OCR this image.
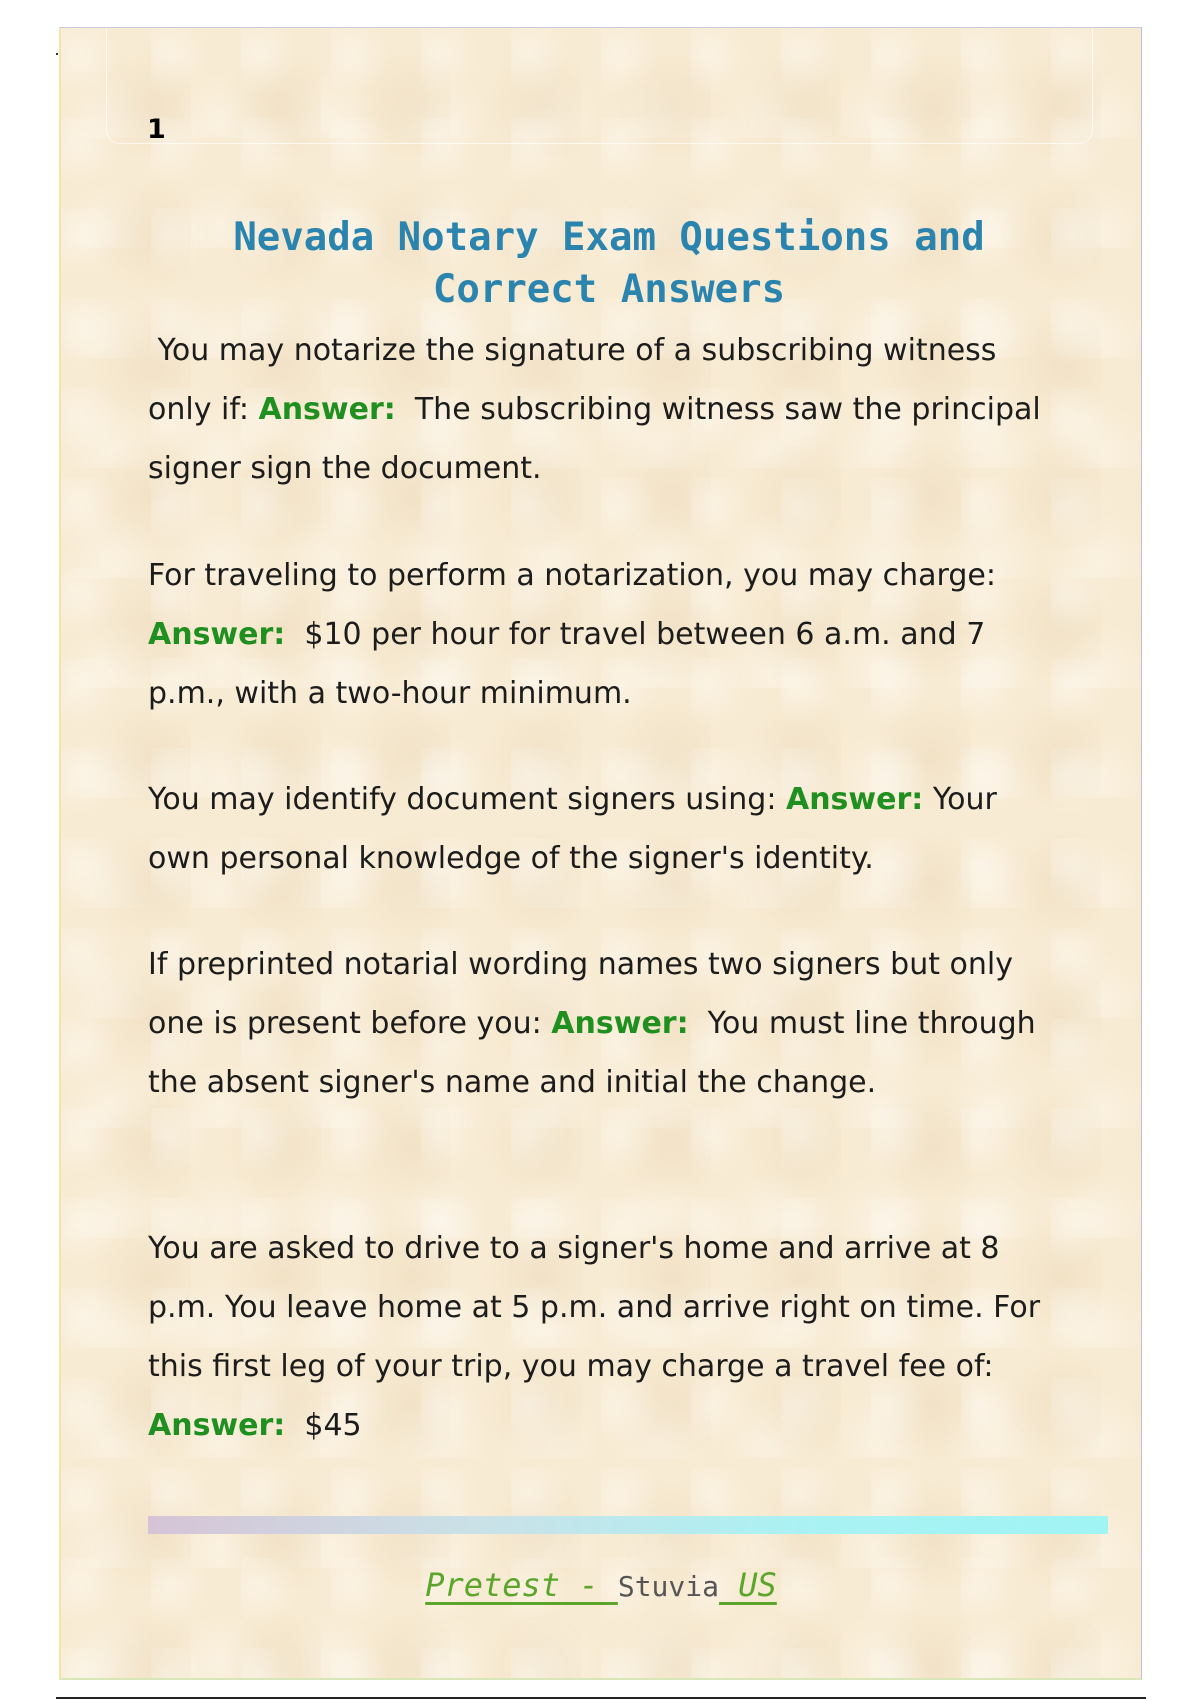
1
Nevada Notary Exam Questions and
Correct Answers
You may notarize the signature of a subscribing witness only if: Answer: The subscribing witness saw the principal signer sign the document.
For traveling to perform a notarization, you may charge: Answer: $10 per hour for travel between 6 a.m. and 7 p.m., with a two-hour minimum.
You may identify document signers using: Answer: Your own personal knowledge of the signer's identity.
If preprinted notarial wording names two signers but only one is present before you: Answer: You must line through the absent signer's name and initial the change.
You are asked to drive to a signer's home and arrive at 8 p.m. You leave home at 5 p.m. and arrive right on time. For this first leg of your trip, you may charge a travel fee of: Answer: $45
Pretest - Stuvia US
